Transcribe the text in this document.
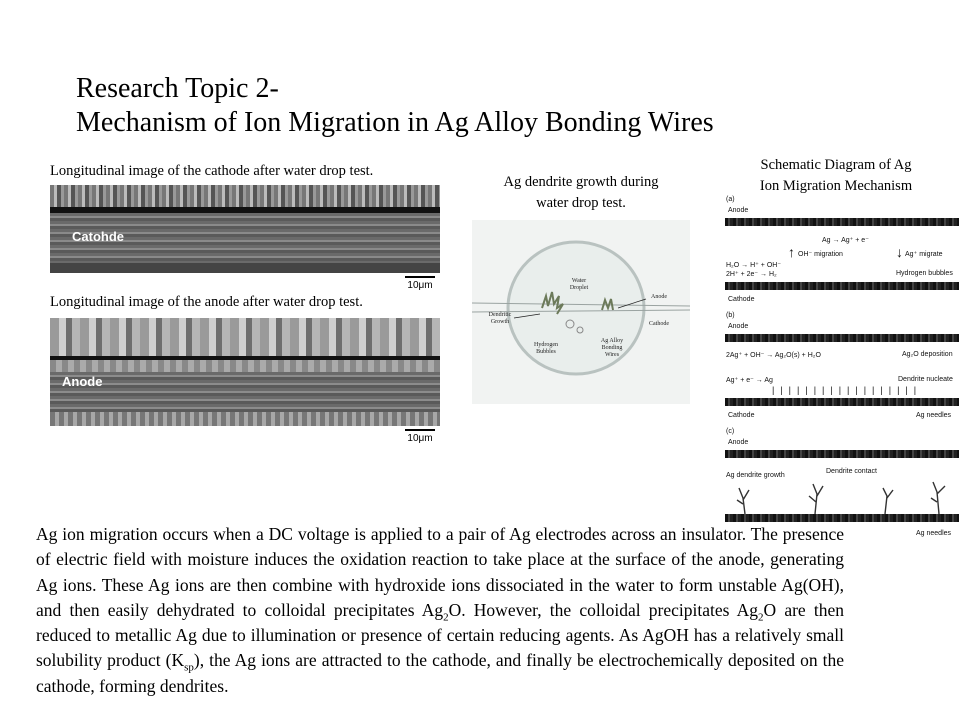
Research Topic 2-
Mechanism of Ion Migration in Ag Alloy Bonding Wires
Longitudinal image of the cathode after water drop test.
Catohde
10μm
Longitudinal image of the anode after water drop test.
Anode
10μm
Ag dendrite growth during
water drop test.
Water Droplet
Dendritic Growth
Anode
Cathode
Hydrogen Bubbles
Ag Alloy Bonding Wires
Schematic Diagram of Ag
Ion Migration Mechanism
(a)
Anode
Ag → Ag⁺ + e⁻
↑ OH⁻ migration	↓ Ag⁺ migrate
H₂O → H⁺ + OH⁻
2H⁺ + 2e⁻ → H₂	Hydrogen bubbles
Cathode
(b)
Anode
2Ag⁺ + OH⁻ → Ag₂O(s) + H₂O	Ag₂O deposition
Ag⁺ + e⁻ → Ag	Dendrite nucleate
||||||||||||||||||
Cathode	Ag needles
(c)
Anode
Ag dendrite growth
Dendrite contact
Ag needles
Ag ion migration occurs when a DC voltage is applied to a pair of Ag electrodes across an insulator. The presence of electric field with moisture induces the oxidation reaction to take place at the surface of the anode, generating Ag ions. These Ag ions are then combine with hydroxide ions dissociated in the water to form unstable Ag(OH), and then easily dehydrated to colloidal precipitates $Ag_2O$. However, the colloidal precipitates $Ag_2O$ are then reduced to metallic Ag due to illumination or presence of certain reducing agents. As AgOH has a relatively small solubility product $(K_{sp})$, the Ag ions are attracted to the cathode, and finally be electrochemically deposited on the cathode, forming dendrites.
